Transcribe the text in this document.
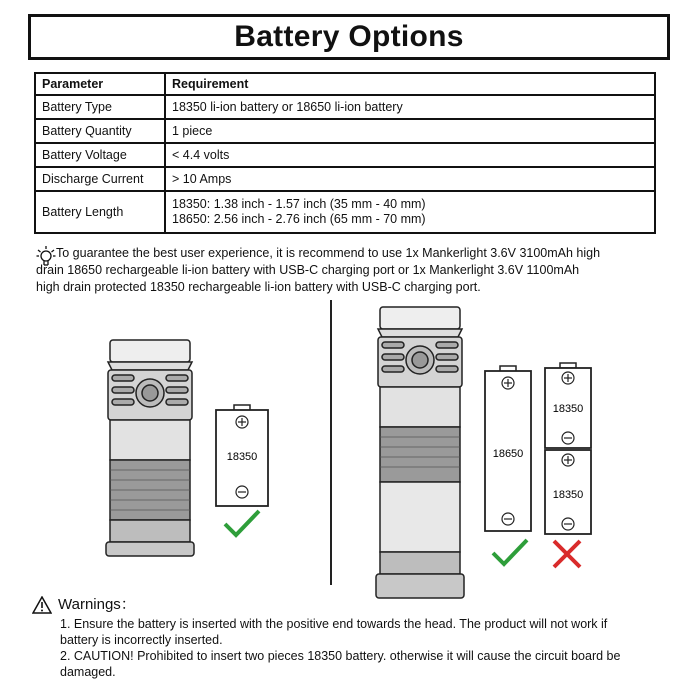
Battery Options
Parameter	Requirement
Battery Type	18350 li-ion battery or 18650 li-ion battery
Battery Quantity	1 piece
Battery Voltage	< 4.4 volts
Discharge Current	> 10 Amps
Battery Length	18350: 1.38 inch - 1.57 inch (35 mm - 40 mm)
18650: 2.56 inch - 2.76 inch (65 mm - 70 mm)
To guarantee the best user experience, it is recommend to use 1x Mankerlight 3.6V 3100mAh high
drain 18650 rechargeable li-ion battery with USB-C charging port or 1x Mankerlight 3.6V 1100mAh
high drain protected 18350 rechargeable li-ion battery with USB-C charging port.
18350	18650
18350
18350
Warnings：
1. Ensure the battery is inserted with the positive end towards the head. The product will not work if
battery is incorrectly inserted.
2. CAUTION! Prohibited to insert two pieces 18350 battery. otherwise it will cause the circuit board be
damaged.
